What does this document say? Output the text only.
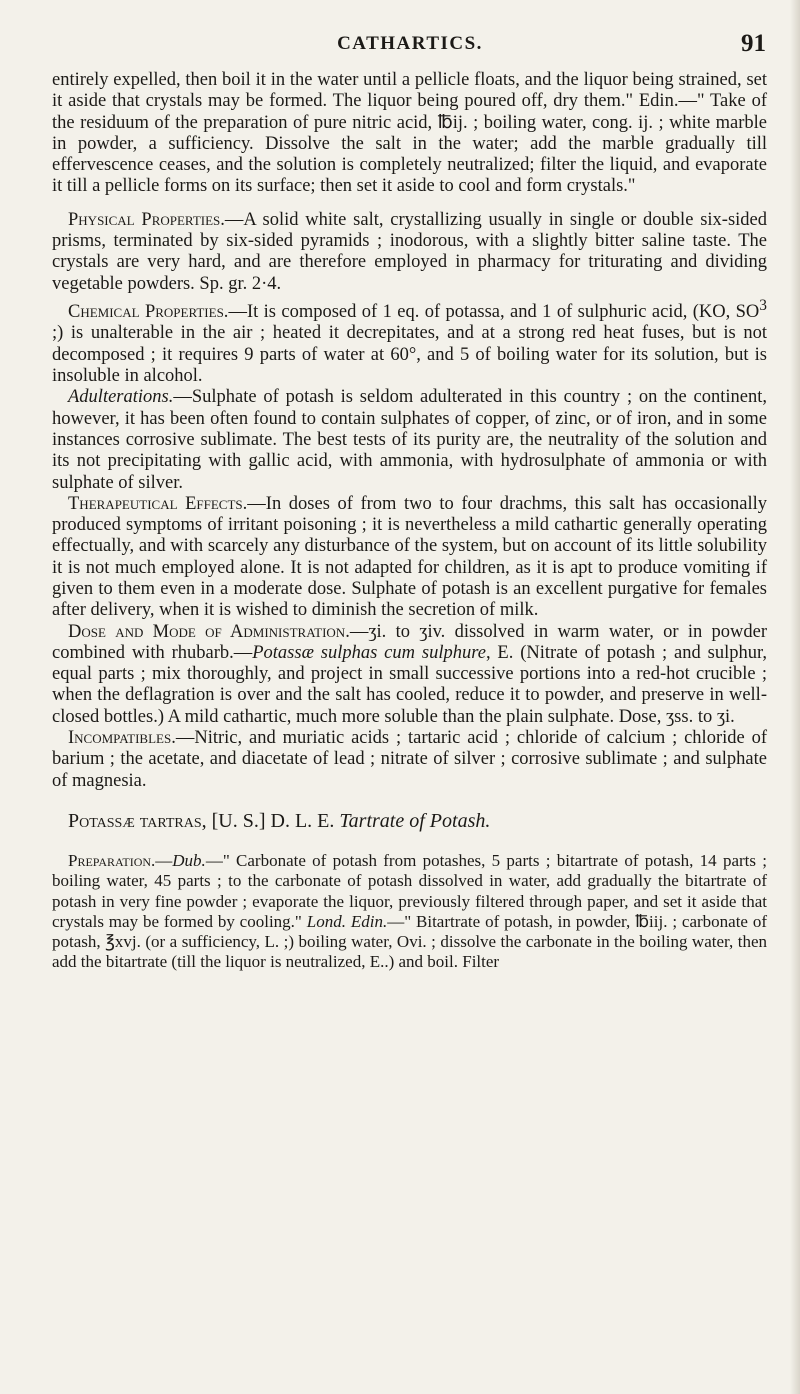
CATHARTICS.	91

entirely expelled, then boil it in the water until a pellicle floats, and the liquor being strained, set it aside that crystals may be formed. The liquor being poured off, dry them." Edin.—" Take of the residuum of the preparation of pure nitric acid, ℔ij. ; boiling water, cong. ij. ; white marble in powder, a sufficiency. Dissolve the salt in the water; add the marble gradually till effervescence ceases, and the solution is completely neutralized; filter the liquid, and evaporate it till a pellicle forms on its surface; then set it aside to cool and form crystals."

Physical Properties.—A solid white salt, crystallizing usually in single or double six-sided prisms, terminated by six-sided pyramids ; inodorous, with a slightly bitter saline taste. The crystals are very hard, and are therefore employed in pharmacy for triturating and dividing vegetable powders. Sp. gr. 2·4.

Chemical Properties.—It is composed of 1 eq. of potassa, and 1 of sulphuric acid, (KO, $SO^3$ ;) is unalterable in the air ; heated it decrepitates, and at a strong red heat fuses, but is not decomposed ; it requires 9 parts of water at 60°, and 5 of boiling water for its solution, but is insoluble in alcohol.

Adulterations.—Sulphate of potash is seldom adulterated in this country ; on the continent, however, it has been often found to contain sulphates of copper, of zinc, or of iron, and in some instances corrosive sublimate. The best tests of its purity are, the neutrality of the solution and its not precipitating with gallic acid, with ammonia, with hydrosulphate of ammonia or with sulphate of silver.

Therapeutical Effects.—In doses of from two to four drachms, this salt has occasionally produced symptoms of irritant poisoning ; it is nevertheless a mild cathartic generally operating effectually, and with scarcely any disturbance of the system, but on account of its little solubility it is not much employed alone. It is not adapted for children, as it is apt to produce vomiting if given to them even in a moderate dose. Sulphate of potash is an excellent purgative for females after delivery, when it is wished to diminish the secretion of milk.

Dose and Mode of Administration.—ʒi. to ʒiv. dissolved in warm water, or in powder combined with rhubarb.—Potassæ sulphas cum sulphure, E. (Nitrate of potash ; and sulphur, equal parts ; mix thoroughly, and project in small successive portions into a red-hot crucible ; when the deflagration is over and the salt has cooled, reduce it to powder, and preserve in well-closed bottles.) A mild cathartic, much more soluble than the plain sulphate. Dose, ʒss. to ʒi.

Incompatibles.—Nitric, and muriatic acids ; tartaric acid ; chloride of calcium ; chloride of barium ; the acetate, and diacetate of lead ; nitrate of silver ; corrosive sublimate ; and sulphate of magnesia.

Potassæ tartras, [U. S.] D. L. E. Tartrate of Potash.

Preparation.—Dub.—" Carbonate of potash from potashes, 5 parts ; bitartrate of potash, 14 parts ; boiling water, 45 parts ; to the carbonate of potash dissolved in water, add gradually the bitartrate of potash in very fine powder ; evaporate the liquor, previously filtered through paper, and set it aside that crystals may be formed by cooling." Lond. Edin.—" Bitartrate of potash, in powder, ℔iij. ; carbonate of potash, ℥xvj. (or a sufficiency, L. ;) boiling water, Ovi. ; dissolve the carbonate in the boiling water, then add the bitartrate (till the liquor is neutralized, E..) and boil. Filter
